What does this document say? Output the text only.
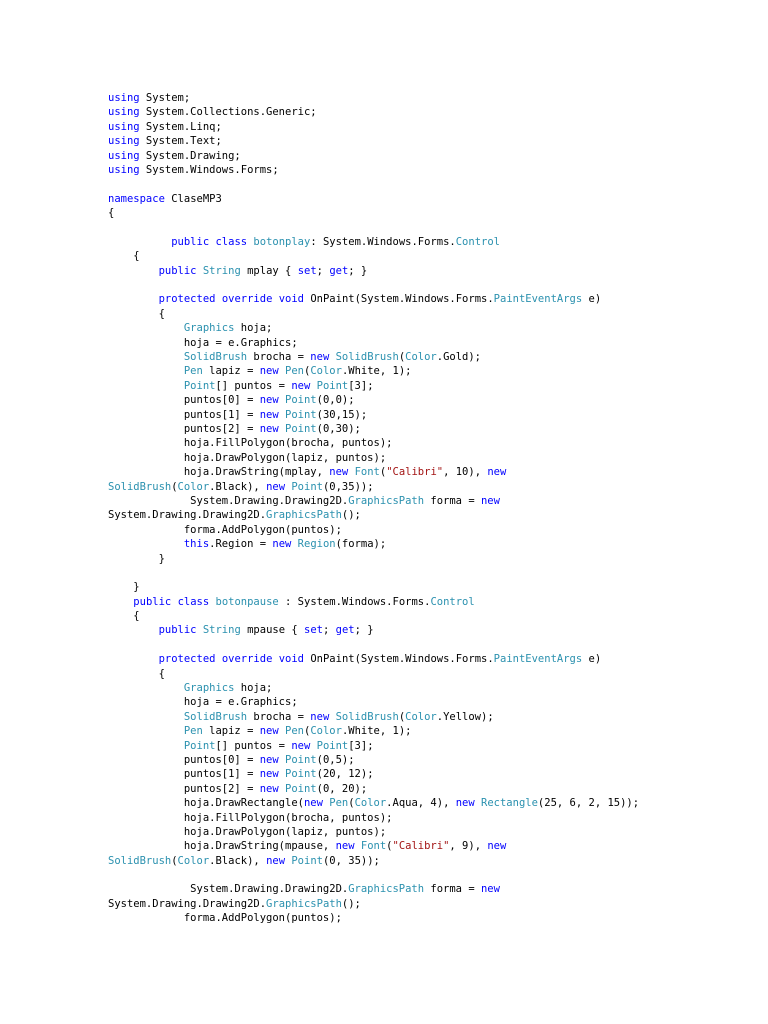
using System;
using System.Collections.Generic;
using System.Linq;
using System.Text;
using System.Drawing;
using System.Windows.Forms;

namespace ClaseMP3
{

public class botonplay: System.Windows.Forms.Control
{
public String mplay { set; get; }

protected override void OnPaint(System.Windows.Forms.PaintEventArgs e)
{
Graphics hoja;
hoja = e.Graphics;
SolidBrush brocha = new SolidBrush(Color.Gold);
Pen lapiz = new Pen(Color.White, 1);
Point[] puntos = new Point[3];
puntos[0] = new Point(0,0);
puntos[1] = new Point(30,15);
puntos[2] = new Point(0,30);
hoja.FillPolygon(brocha, puntos);
hoja.DrawPolygon(lapiz, puntos);
hoja.DrawString(mplay, new Font("Calibri", 10), new
SolidBrush(Color.Black), new Point(0,35));
System.Drawing.Drawing2D.GraphicsPath forma = new
System.Drawing.Drawing2D.GraphicsPath();
forma.AddPolygon(puntos);
this.Region = new Region(forma);
}

}
public class botonpause : System.Windows.Forms.Control
{
public String mpause { set; get; }

protected override void OnPaint(System.Windows.Forms.PaintEventArgs e)
{
Graphics hoja;
hoja = e.Graphics;
SolidBrush brocha = new SolidBrush(Color.Yellow);
Pen lapiz = new Pen(Color.White, 1);
Point[] puntos = new Point[3];
puntos[0] = new Point(0,5);
puntos[1] = new Point(20, 12);
puntos[2] = new Point(0, 20);
hoja.DrawRectangle(new Pen(Color.Aqua, 4), new Rectangle(25, 6, 2, 15));
hoja.FillPolygon(brocha, puntos);
hoja.DrawPolygon(lapiz, puntos);
hoja.DrawString(mpause, new Font("Calibri", 9), new
SolidBrush(Color.Black), new Point(0, 35));

System.Drawing.Drawing2D.GraphicsPath forma = new
System.Drawing.Drawing2D.GraphicsPath();
forma.AddPolygon(puntos);
